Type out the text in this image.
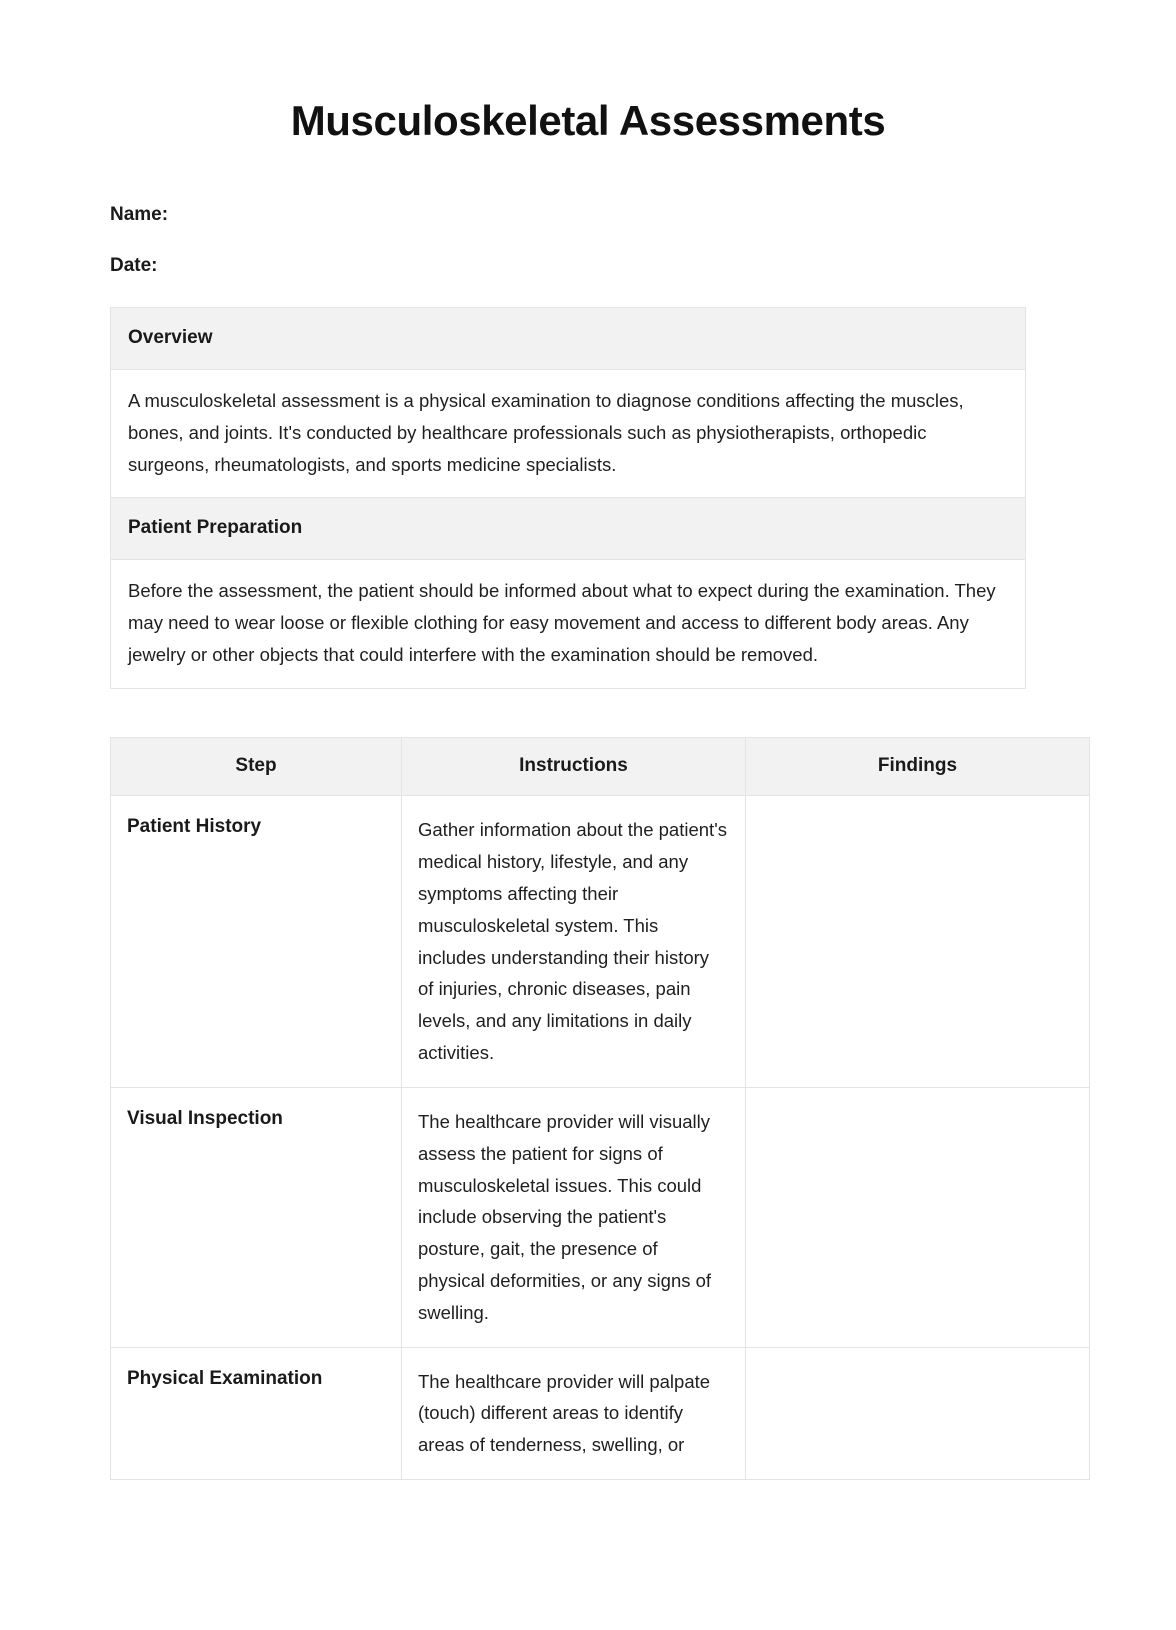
Musculoskeletal Assessments
Name:
Date:
Overview
A musculoskeletal assessment is a physical examination to diagnose conditions affecting the muscles, bones, and joints. It's conducted by healthcare professionals such as physiotherapists, orthopedic surgeons, rheumatologists, and sports medicine specialists.
Patient Preparation
Before the assessment, the patient should be informed about what to expect during the examination. They may need to wear loose or flexible clothing for easy movement and access to different body areas. Any jewelry or other objects that could interfere with the examination should be removed.
Step	Instructions	Findings
Patient History	Gather information about the patient's medical history, lifestyle, and any symptoms affecting their musculoskeletal system. This includes understanding their history of injuries, chronic diseases, pain levels, and any limitations in daily activities.	
Visual Inspection	The healthcare provider will visually assess the patient for signs of musculoskeletal issues. This could include observing the patient's posture, gait, the presence of physical deformities, or any signs of swelling.	
Physical Examination	The healthcare provider will palpate (touch) different areas to identify areas of tenderness, swelling, or	
